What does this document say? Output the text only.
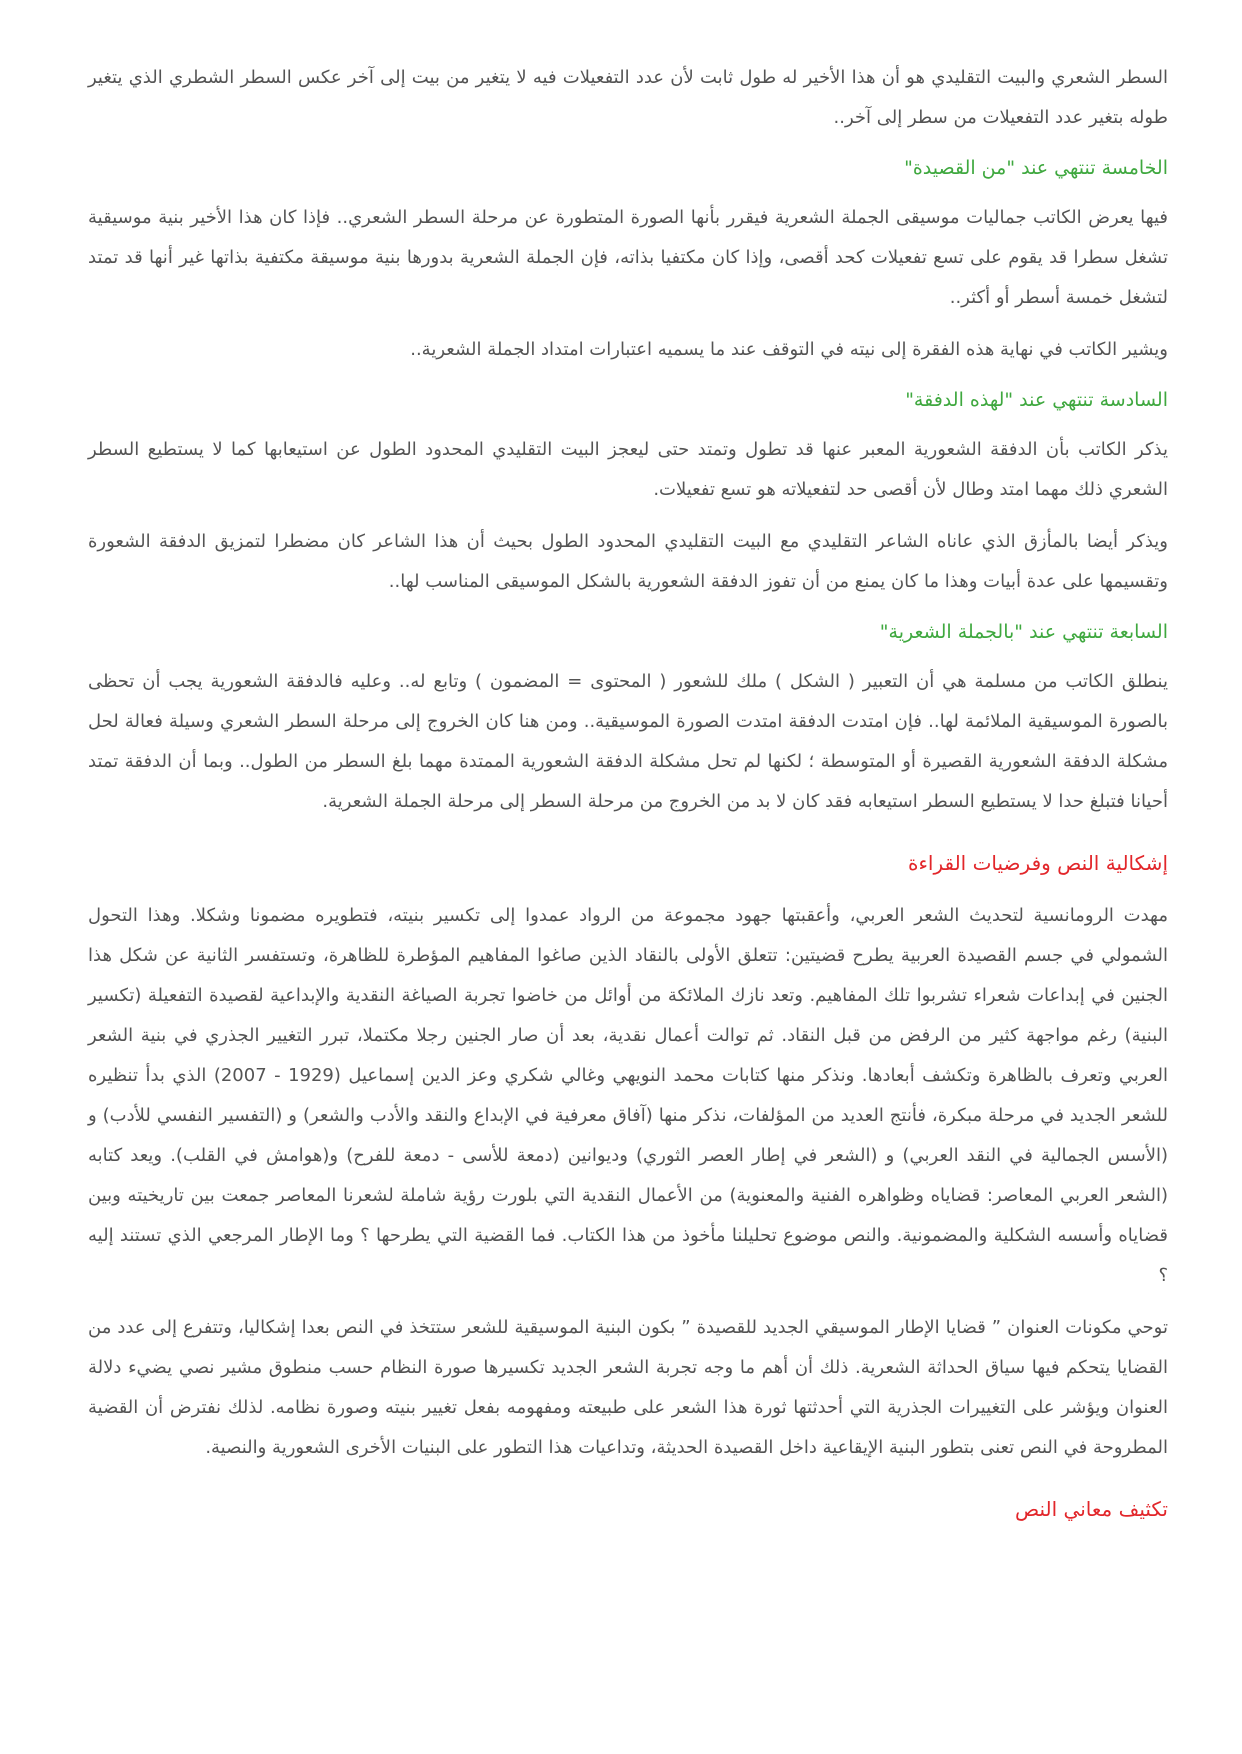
السطر الشعري والبيت التقليدي هو أن هذا الأخير له طول ثابت لأن عدد التفعيلات فيه لا يتغير من بيت إلى آخر عكس السطر الشطري الذي يتغير طوله بتغير عدد التفعيلات من سطر إلى آخر..

الخامسة تنتهي عند "من القصيدة"

فيها يعرض الكاتب جماليات موسيقى الجملة الشعرية فيقرر بأنها الصورة المتطورة عن مرحلة السطر الشعري.. فإذا كان هذا الأخير بنية موسيقية تشغل سطرا قد يقوم على تسع تفعيلات كحد أقصى، وإذا كان مكتفيا بذاته، فإن الجملة الشعرية بدورها بنية موسيقة مكتفية بذاتها غير أنها قد تمتد لتشغل خمسة أسطر أو أكثر..

ويشير الكاتب في نهاية هذه الفقرة إلى نيته في التوقف عند ما يسميه اعتبارات امتداد الجملة الشعرية..

السادسة تنتهي عند "لهذه الدفقة"

يذكر الكاتب بأن الدفقة الشعورية المعبر عنها قد تطول وتمتد حتى ليعجز البيت التقليدي المحدود الطول عن استيعابها كما لا يستطيع السطر الشعري ذلك مهما امتد وطال لأن أقصى حد لتفعيلاته هو تسع تفعيلات.

ويذكر أيضا بالمأزق الذي عاناه الشاعر التقليدي مع البيت التقليدي المحدود الطول بحيث أن هذا الشاعر كان مضطرا لتمزيق الدفقة الشعورة وتقسيمها على عدة أبيات وهذا ما كان يمنع من أن تفوز الدفقة الشعورية بالشكل الموسيقى المناسب لها..

السابعة تنتهي عند "بالجملة الشعرية"

ينطلق الكاتب من مسلمة هي أن التعبير ( الشكل ) ملك للشعور ( المحتوى = المضمون ) وتابع له.. وعليه فالدفقة الشعورية يجب أن تحظى بالصورة الموسيقية الملائمة لها.. فإن امتدت الدفقة امتدت الصورة الموسيقية.. ومن هنا كان الخروج إلى مرحلة السطر الشعري وسيلة فعالة لحل مشكلة الدفقة الشعورية القصيرة أو المتوسطة ؛ لكنها لم تحل مشكلة الدفقة الشعورية الممتدة مهما بلغ السطر من الطول.. وبما أن الدفقة تمتد أحيانا فتبلغ حدا لا يستطيع السطر استيعابه فقد كان لا بد من الخروج من مرحلة السطر إلى مرحلة الجملة الشعرية.

إشكالية النص وفرضيات القراءة

مهدت الرومانسية لتحديث الشعر العربي، وأعقبتها جهود مجموعة من الرواد عمدوا إلى تكسير بنيته، فتطويره مضمونا وشكلا. وهذا التحول الشمولي في جسم القصيدة العربية يطرح قضيتين: تتعلق الأولى بالنقاد الذين صاغوا المفاهيم المؤطرة للظاهرة، وتستفسر الثانية عن شكل هذا الجنين في إبداعات شعراء تشربوا تلك المفاهيم. وتعد نازك الملائكة من أوائل من خاضوا تجربة الصياغة النقدية والإبداعية لقصيدة التفعيلة (تكسير البنية) رغم مواجهة كثير من الرفض من قبل النقاد. ثم توالت أعمال نقدية، بعد أن صار الجنين رجلا مكتملا، تبرر التغيير الجذري في بنية الشعر العربي وتعرف بالظاهرة وتكشف أبعادها. ونذكر منها كتابات محمد النويهي وغالي شكري وعز الدين إسماعيل (1929 - 2007) الذي بدأ تنظيره للشعر الجديد في مرحلة مبكرة، فأنتج العديد من المؤلفات، نذكر منها (آفاق معرفية في الإبداع والنقد والأدب والشعر) و (التفسير النفسي للأدب) و (الأسس الجمالية في النقد العربي) و (الشعر في إطار العصر الثوري) وديوانين (دمعة للأسى - دمعة للفرح) و(هوامش في القلب). ويعد كتابه (الشعر العربي المعاصر: قضاياه وظواهره الفنية والمعنوية) من الأعمال النقدية التي بلورت رؤية شاملة لشعرنا المعاصر جمعت بين تاريخيته وبين قضاياه وأسسه الشكلية والمضمونية. والنص موضوع تحليلنا مأخوذ من هذا الكتاب. فما القضية التي يطرحها ؟ وما الإطار المرجعي الذي تستند إليه ؟

توحي مكونات العنوان ” قضايا الإطار الموسيقي الجديد للقصيدة ” بكون البنية الموسيقية للشعر ستتخذ في النص بعدا إشكاليا، وتتفرع إلى عدد من القضايا يتحكم فيها سياق الحداثة الشعرية. ذلك أن أهم ما وجه تجربة الشعر الجديد تكسيرها صورة النظام حسب منطوق مشير نصي يضيء دلالة العنوان ويؤشر على التغييرات الجذرية التي أحدثتها ثورة هذا الشعر على طبيعته ومفهومه بفعل تغيير بنيته وصورة نظامه. لذلك نفترض أن القضية المطروحة في النص تعنى بتطور البنية الإيقاعية داخل القصيدة الحديثة، وتداعيات هذا التطور على البنيات الأخرى الشعورية والنصية.

تكثيف معاني النص
